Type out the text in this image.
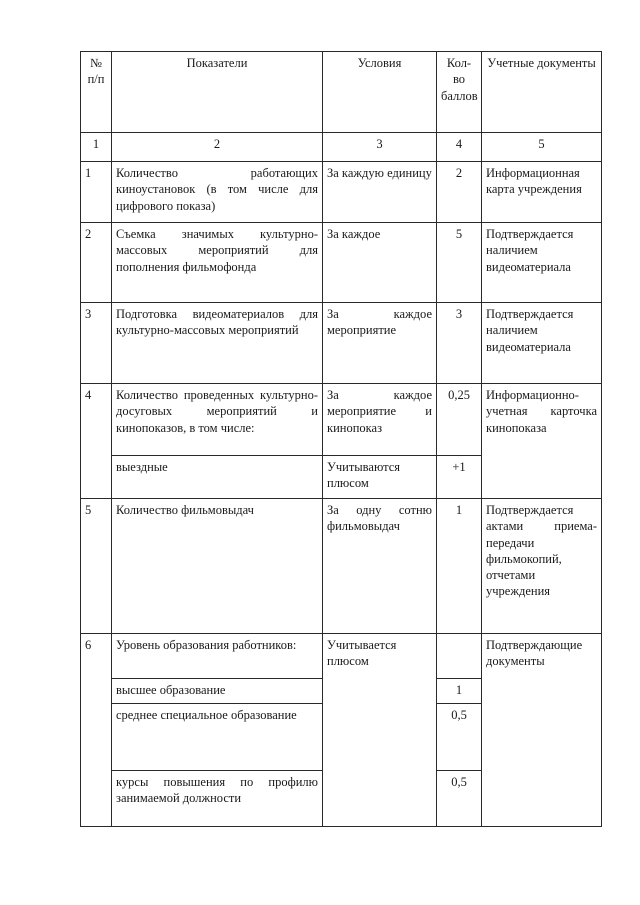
№ п/п	Показатели	Условия	Кол-во баллов	Учетные документы
1	2	3	4	5
1	Количество работающих киноустановок (в том числе для цифрового показа)	За каждую единицу	2	Информационная карта учреждения
2	Съемка значимых культурно-массовых мероприятий для пополнения фильмофонда	За каждое	5	Подтверждается наличием видеоматериала
3	Подготовка видеоматериалов для культурно-массовых мероприятий	За каждое мероприятие	3	Подтверждается наличием видеоматериала
4	Количество проведенных культурно-досуговых мероприятий и кинопоказов, в том числе:	За каждое мероприятие и кинопоказ	0,25	Информационно-учетная карточка кинопоказа
	выездные	Учитываются плюсом	+1	
5	Количество фильмовыдач	За одну сотню фильмовыдач	1	Подтверждается актами приема-передачи фильмокопий, отчетами учреждения
6	Уровень образования работников:	Учитывается плюсом		Подтверждающие документы
	высшее образование		1	
	среднее специальное образование		0,5	
	курсы повышения по профилю занимаемой должности		0,5	
